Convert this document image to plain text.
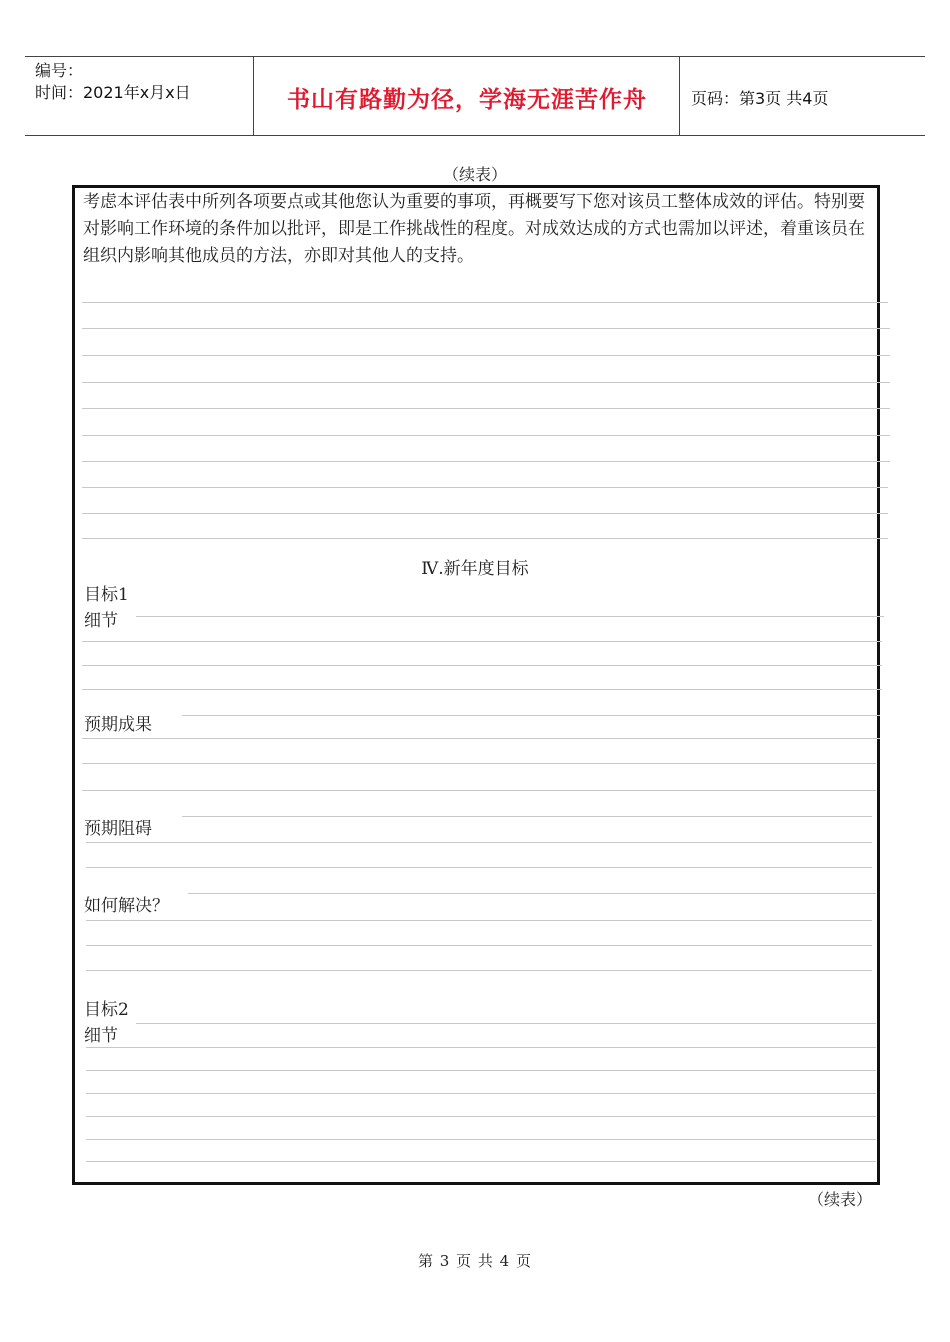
编号：
时间：2021年x月x日	书山有路勤为径，学海无涯苦作舟	页码：第3页 共4页
（续表）
考虑本评估表中所列各项要点或其他您认为重要的事项，再概要写下您对该员工整体成效的评估。特别要对影响工作环境的条件加以批评，即是工作挑战性的程度。对成效达成的方式也需加以评述，着重该员在组织内影响其他成员的方法，亦即对其他人的支持。
Ⅳ.新年度目标
目标1
细节
预期成果
预期阻碍
如何解决？
目标2
细节
（续表）
第 3 页 共 4 页
